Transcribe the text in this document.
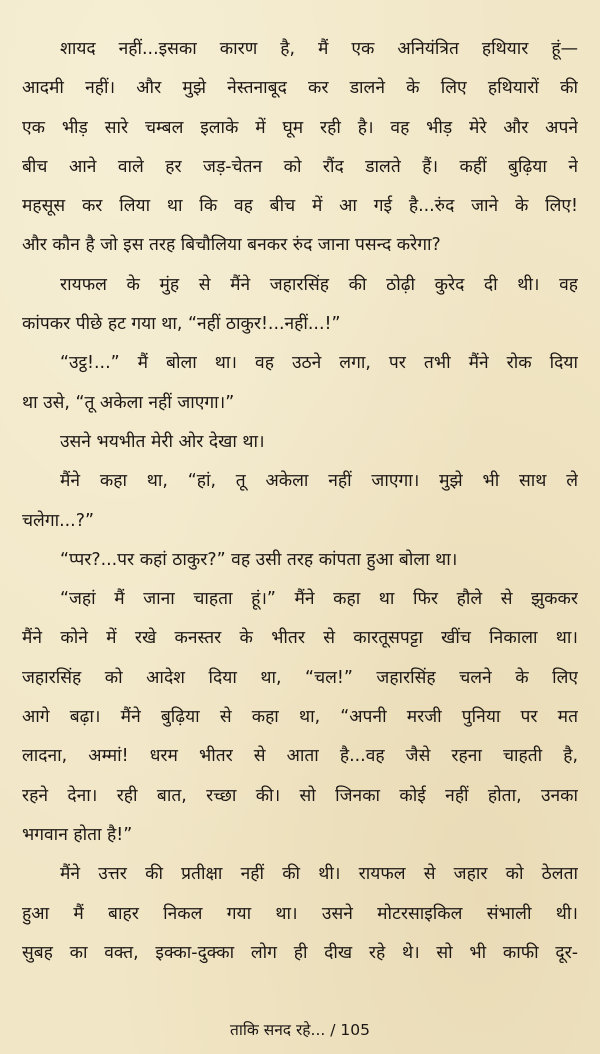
शायद नहीं...इसका कारण है, मैं एक अनियंत्रित हथियार हूं—
आदमी नहीं। और मुझे नेस्तनाबूद कर डालने के लिए हथियारों की
एक भीड़ सारे चम्बल इलाके में घूम रही है। वह भीड़ मेरे और अपने
बीच आने वाले हर जड़-चेतन को रौंद डालते हैं। कहीं बुढ़िया ने
महसूस कर लिया था कि वह बीच में आ गई है...रुंद जाने के लिए!
और कौन है जो इस तरह बिचौलिया बनकर रुंद जाना पसन्द करेगा?
रायफल के मुंह से मैंने जहारसिंह की ठोढ़ी कुरेद दी थी। वह
कांपकर पीछे हट गया था, “नहीं ठाकुर!...नहीं...!”
“उट्ठ!...” मैं बोला था। वह उठने लगा, पर तभी मैंने रोक दिया
था उसे, “तू अकेला नहीं जाएगा।”
उसने भयभीत मेरी ओर देखा था।
मैंने कहा था, “हां, तू अकेला नहीं जाएगा। मुझे भी साथ ले
चलेगा...?”
“प्पर?...पर कहां ठाकुर?” वह उसी तरह कांपता हुआ बोला था।
“जहां मैं जाना चाहता हूं।” मैंने कहा था फिर हौले से झुककर
मैंने कोने में रखे कनस्तर के भीतर से कारतूसपट्टा खींच निकाला था।
जहारसिंह को आदेश दिया था, “चल!” जहारसिंह चलने के लिए
आगे बढ़ा। मैंने बुढ़िया से कहा था, “अपनी मरजी पुनिया पर मत
लादना, अम्मां! धरम भीतर से आता है...वह जैसे रहना चाहती है,
रहने देना। रही बात, रच्छा की। सो जिनका कोई नहीं होता, उनका
भगवान होता है!”
मैंने उत्तर की प्रतीक्षा नहीं की थी। रायफल से जहार को ठेलता
हुआ मैं बाहर निकल गया था। उसने मोटरसाइकिल संभाली थी।
सुबह का वक्त, इक्का-दुक्का लोग ही दीख रहे थे। सो भी काफी दूर-
ताकि सनद रहे... / 105
